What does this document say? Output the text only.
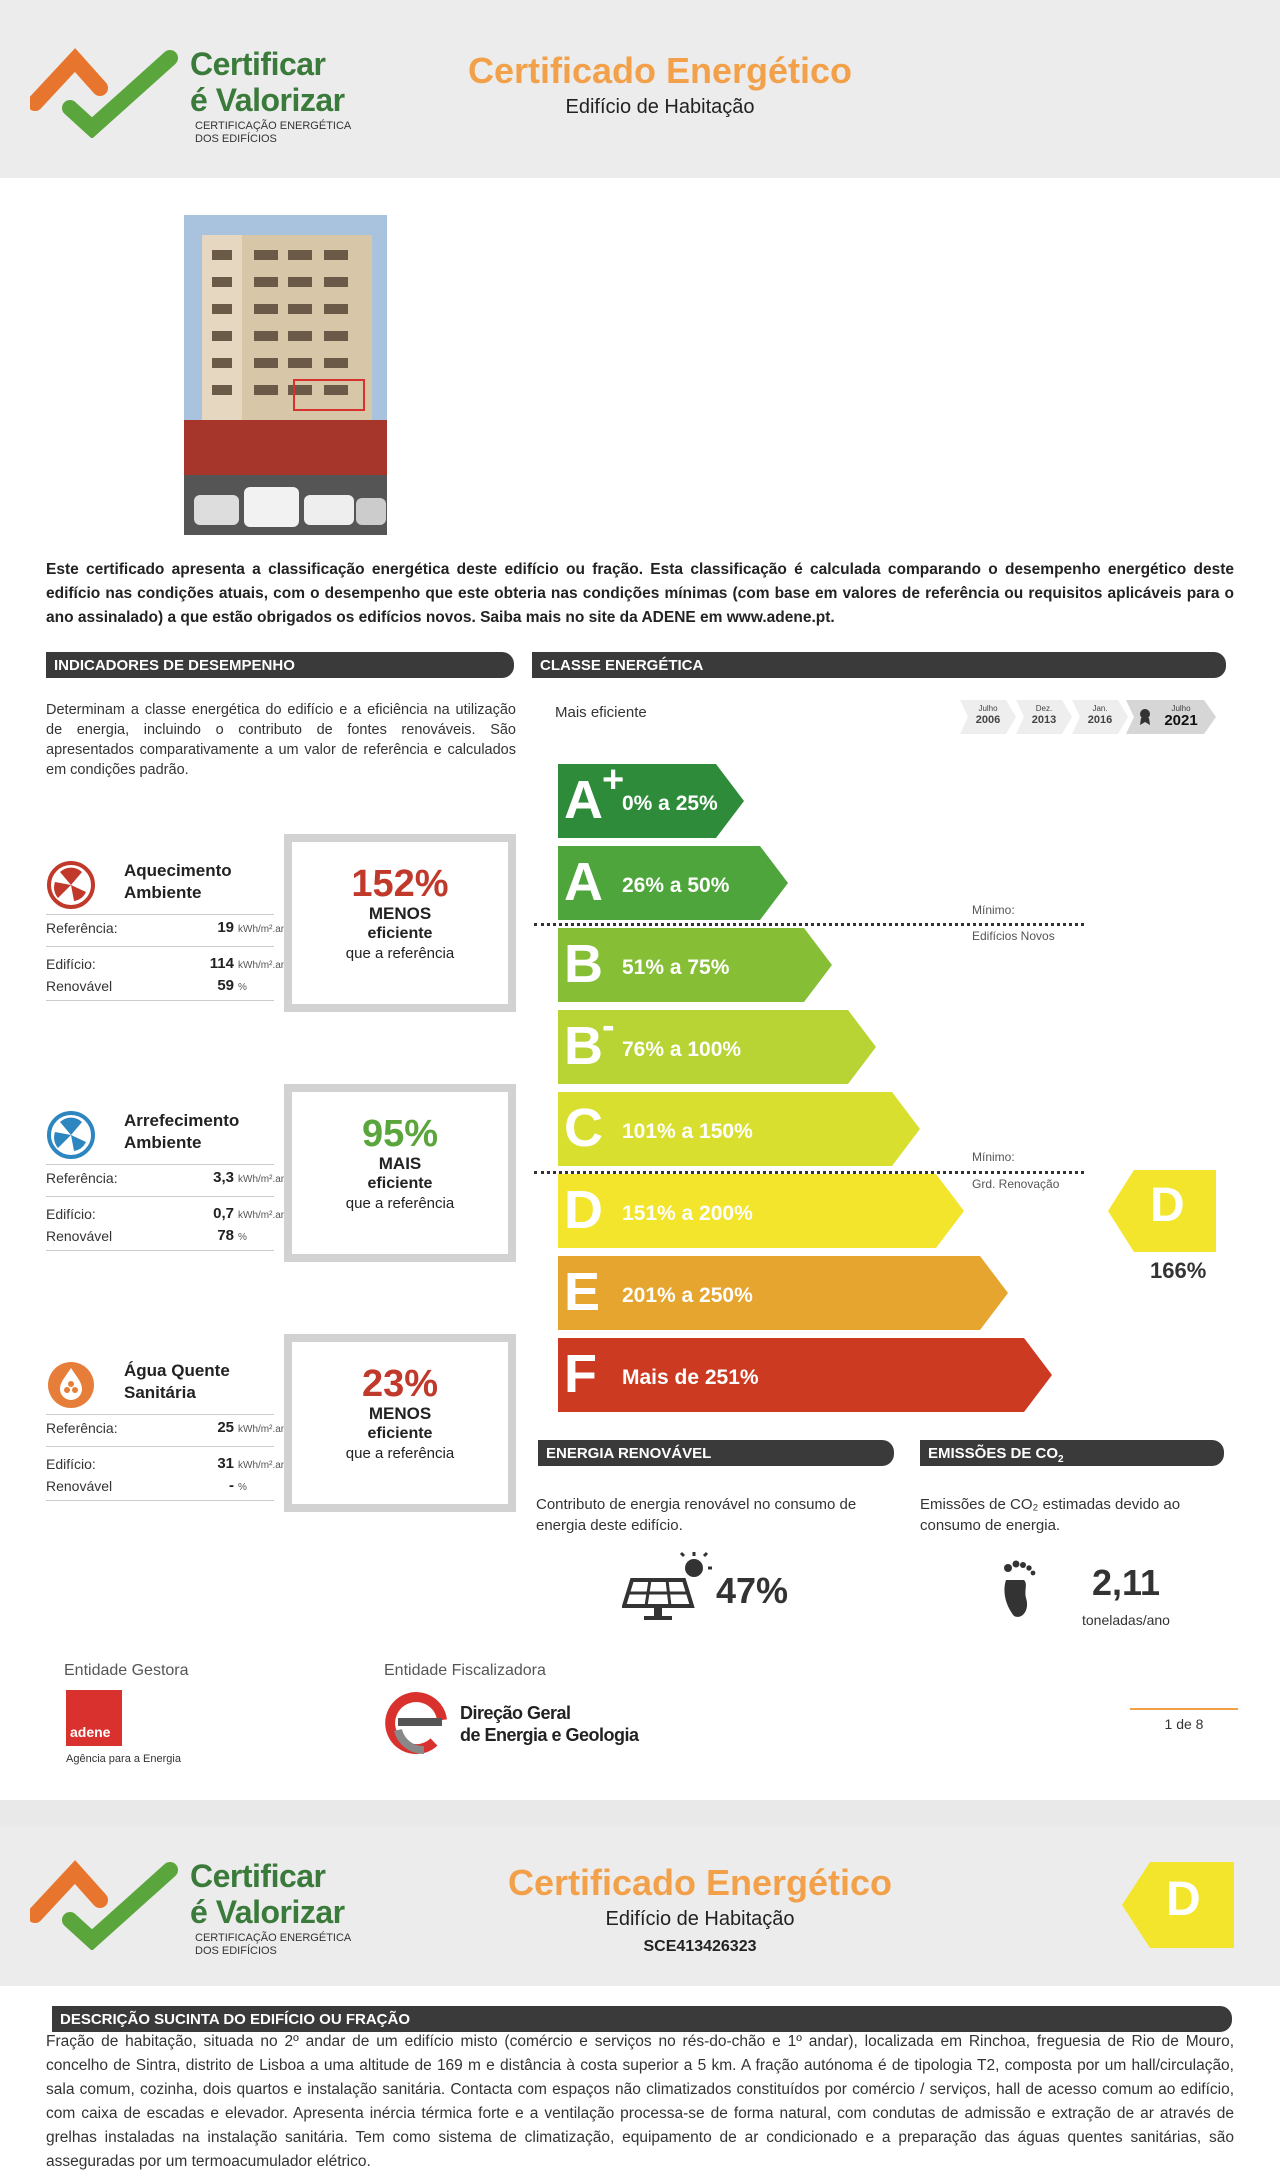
Certificar
é Valorizar
CERTIFICAÇÃO ENERGÉTICA DOS EDIFÍCIOS
Certificado Energético
Edifício de Habitação
Este certificado apresenta a classificação energética deste edifício ou fração. Esta classificação é calculada comparando o desempenho energético deste edifício nas condições atuais, com o desempenho que este obteria nas condições mínimas (com base em valores de referência ou requisitos aplicáveis para o ano assinalado) a que estão obrigados os edifícios novos. Saiba mais no site da ADENE em www.adene.pt.
INDICADORES DE DESEMPENHO
Determinam a classe energética do edifício e a eficiência na utilização de energia, incluindo o contributo de fontes renováveis. São apresentados comparativamente a um valor de referência e calculados em condições padrão.
Aquecimento Ambiente
Referência:	19 kWh/m².ano
Edifício:	114 kWh/m².ano
Renovável	59 %
152%
MENOS
eficiente
que a referência
Arrefecimento Ambiente
Referência:	3,3 kWh/m².ano
Edifício:	0,7 kWh/m².ano
Renovável	78 %
95%
MAIS
eficiente
que a referência
Água Quente Sanitária
Referência:	25 kWh/m².ano
Edifício:	31 kWh/m².ano
Renovável	- %
23%
MENOS
eficiente
que a referência
CLASSE ENERGÉTICA
Mais eficiente	Julho
2006
Dez.
2013
Jan.
2016
Julho
2021
A +
0% a 25%
A 26% a 50%
B 51% a 75%
B -
76% a 100%
C 101% a 150%
D 151% a 200%
E 201% a 250%
F Mais de 251%
Mínimo:
Edifícios Novos
Mínimo:
Grd. Renovação D
166%
ENERGIA RENOVÁVEL
Contributo de energia renovável no consumo de energia deste edifício.
47%
EMISSÕES DE $CO_2$
Emissões de CO₂ estimadas devido ao consumo de energia.
2,11
toneladas/ano
Entidade Gestora
adene
Agência para a Energia
Entidade Fiscalizadora
Direção Geral
de Energia e Geologia
1 de 8
Certificar
é Valorizar
CERTIFICAÇÃO ENERGÉTICA DOS EDIFÍCIOS
Certificado Energético
Edifício de Habitação
SCE413426323
D
DESCRIÇÃO SUCINTA DO EDIFÍCIO OU FRAÇÃO
Fração de habitação, situada no 2º andar de um edifício misto (comércio e serviços no rés-do-chão e 1º andar), localizada em Rinchoa, freguesia de Rio de Mouro, concelho de Sintra, distrito de Lisboa a uma altitude de 169 m e distância à costa superior a 5 km. A fração autónoma é de tipologia T2, composta por um hall/circulação, sala comum, cozinha, dois quartos e instalação sanitária. Contacta com espaços não climatizados constituídos por comércio / serviços, hall de acesso comum ao edifício, com caixa de escadas e elevador. Apresenta inércia térmica forte e a ventilação processa-se de forma natural, com condutas de admissão e extração de ar através de grelhas instaladas na instalação sanitária. Tem como sistema de climatização, equipamento de ar condicionado e a preparação das águas quentes sanitárias, são asseguradas por um termoacumulador elétrico.
